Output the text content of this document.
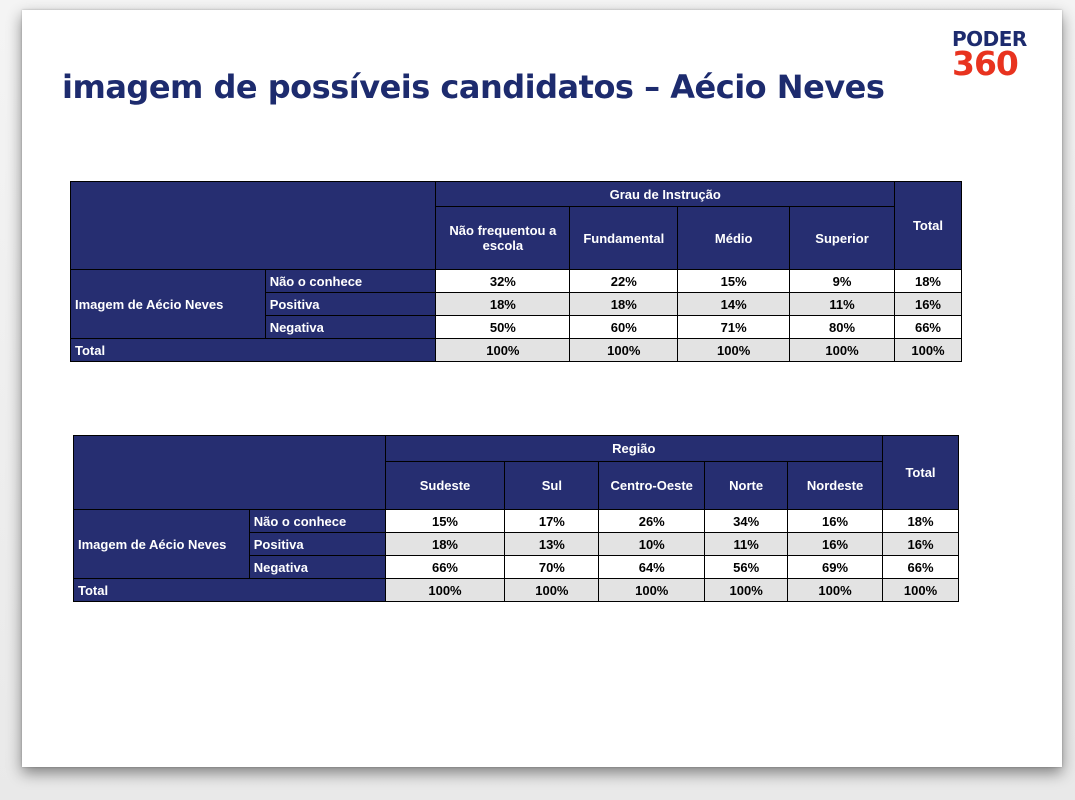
imagem de possíveis candidatos – Aécio Neves
PODER
360
		Grau de Instrução				Total
		Não frequentou a escola	Fundamental	Médio	Superior	
Imagem de Aécio Neves	Não o conhece	32%	22%	15%	9%	18%
	Positiva	18%	18%	14%	11%	16%
	Negativa	50%	60%	71%	80%	66%
Total		100%	100%	100%	100%	100%
		Região					Total
		Sudeste	Sul	Centro-Oeste	Norte	Nordeste	
Imagem de Aécio Neves	Não o conhece	15%	17%	26%	34%	16%	18%
	Positiva	18%	13%	10%	11%	16%	16%
	Negativa	66%	70%	64%	56%	69%	66%
Total		100%	100%	100%	100%	100%	100%
